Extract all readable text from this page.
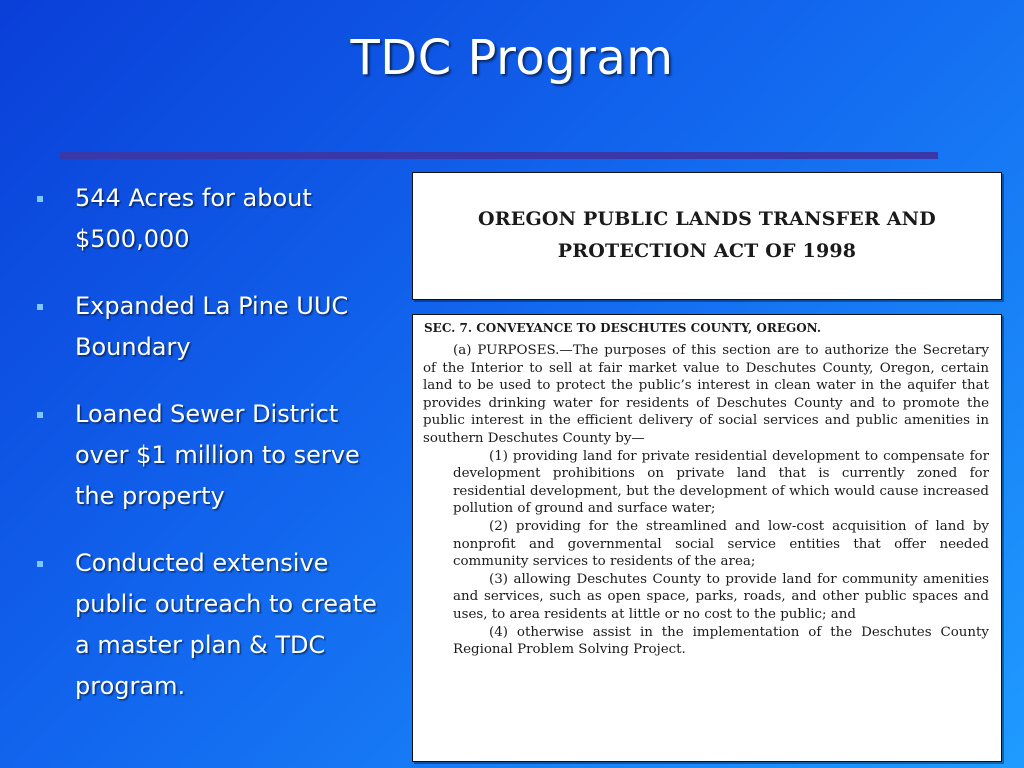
TDC Program
544 Acres for about $500,000
Expanded La Pine UUC Boundary
Loaned Sewer District over $1 million to serve the property
Conducted extensive public outreach to create a master plan & TDC program.
OREGON PUBLIC LANDS TRANSFER AND
PROTECTION ACT OF 1998
SEC. 7. CONVEYANCE TO DESCHUTES COUNTY, OREGON.

(a) PURPOSES.—The purposes of this section are to authorize the Secretary of the Interior to sell at fair market value to Deschutes County, Oregon, certain land to be used to protect the public’s interest in clean water in the aquifer that provides drinking water for residents of Deschutes County and to promote the public interest in the efficient delivery of social services and public amenities in southern Deschutes County by—

(1) providing land for private residential development to compensate for development prohibitions on private land that is currently zoned for residential development, but the development of which would cause increased pollution of ground and surface water;

(2) providing for the streamlined and low-cost acquisition of land by nonprofit and governmental social service entities that offer needed community services to residents of the area;

(3) allowing Deschutes County to provide land for community amenities and services, such as open space, parks, roads, and other public spaces and uses, to area residents at little or no cost to the public; and

(4) otherwise assist in the implementation of the Deschutes County Regional Problem Solving Project.
